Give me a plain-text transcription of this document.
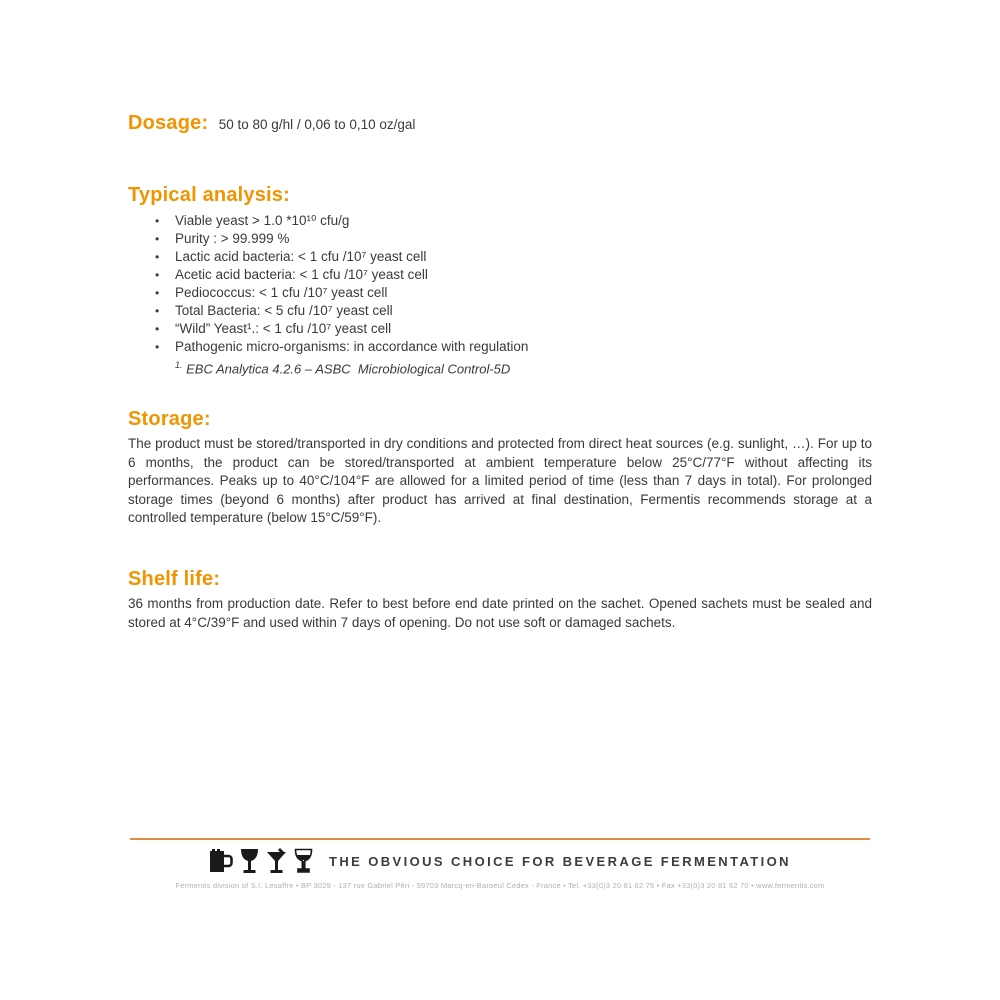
Dosage: 50 to 80 g/hl / 0,06 to 0,10 oz/gal
Typical analysis:
• Viable yeast > 1.0 *10¹⁰ cfu/g
• Purity : > 99.999 %
• Lactic acid bacteria: < 1 cfu /10⁷ yeast cell
• Acetic acid bacteria: < 1 cfu /10⁷ yeast cell
• Pediococcus: < 1 cfu /10⁷ yeast cell
• Total Bacteria: < 5 cfu /10⁷ yeast cell
• “Wild” Yeast¹.: < 1 cfu /10⁷ yeast cell
• Pathogenic micro-organisms: in accordance with regulation
$^{1.}$ EBC Analytica 4.2.6 – ASBC  Microbiological Control-5D
Storage:

The product must be stored/transported in dry conditions and protected from direct heat sources (e.g. sunlight, …). For up to 6 months, the product can be stored/transported at ambient temperature below 25°C/77°F without affecting its performances. Peaks up to 40°C/104°F are allowed for a limited period of time (less than 7 days in total). For prolonged storage times (beyond 6 months) after product has arrived at final destination, Fermentis recommends storage at a controlled temperature (below 15°C/59°F).

Shelf life:

36 months from production date. Refer to best before end date printed on the sachet. Opened sachets must be sealed and stored at 4°C/39°F and used within 7 days of opening. Do not use soft or damaged sachets.

THE OBVIOUS CHOICE FOR BEVERAGE FERMENTATION
Fermentis division of S.I. Lesaffre • BP 3029 - 137 rue Gabriel Péri - 59703 Marcq-en-Baroeul Cedex - France • Tel. +33(0)3 20 81 62 75 • Fax +33(0)3 20 81 62 70 • www.fermentis.com
